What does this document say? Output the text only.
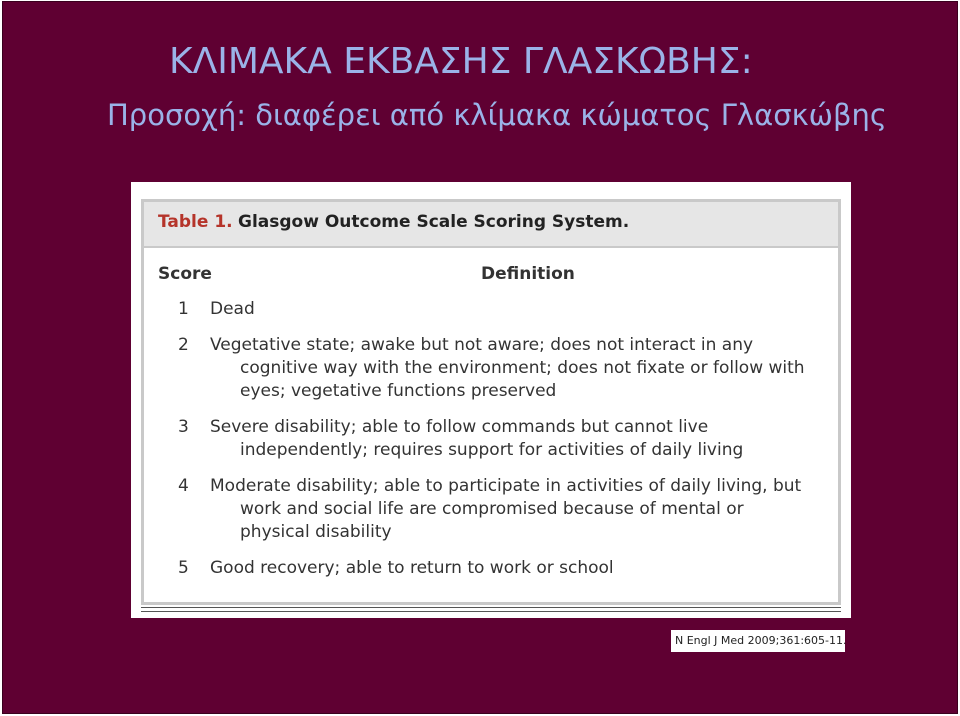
ΚΛΙΜΑΚΑ ΕΚΒΑΣΗΣ ΓΛΑΣΚΩΒΗΣ:
Προσοχή: διαφέρει από κλίμακα κώματος Γλασκώβης
Table 1. Glasgow Outcome Scale Scoring System.
Score	Definition
1	Dead
2	Vegetative state; awake but not aware; does not interact in any cognitive way with the environment; does not fixate or follow with eyes; vegetative functions preserved
3	Severe disability; able to follow commands but cannot live independently; requires support for activities of daily living
4	Moderate disability; able to participate in activities of daily living, but work and social life are compromised because of mental or physical disability
5	Good recovery; able to return to work or school
N Engl J Med 2009;361:605-11.
